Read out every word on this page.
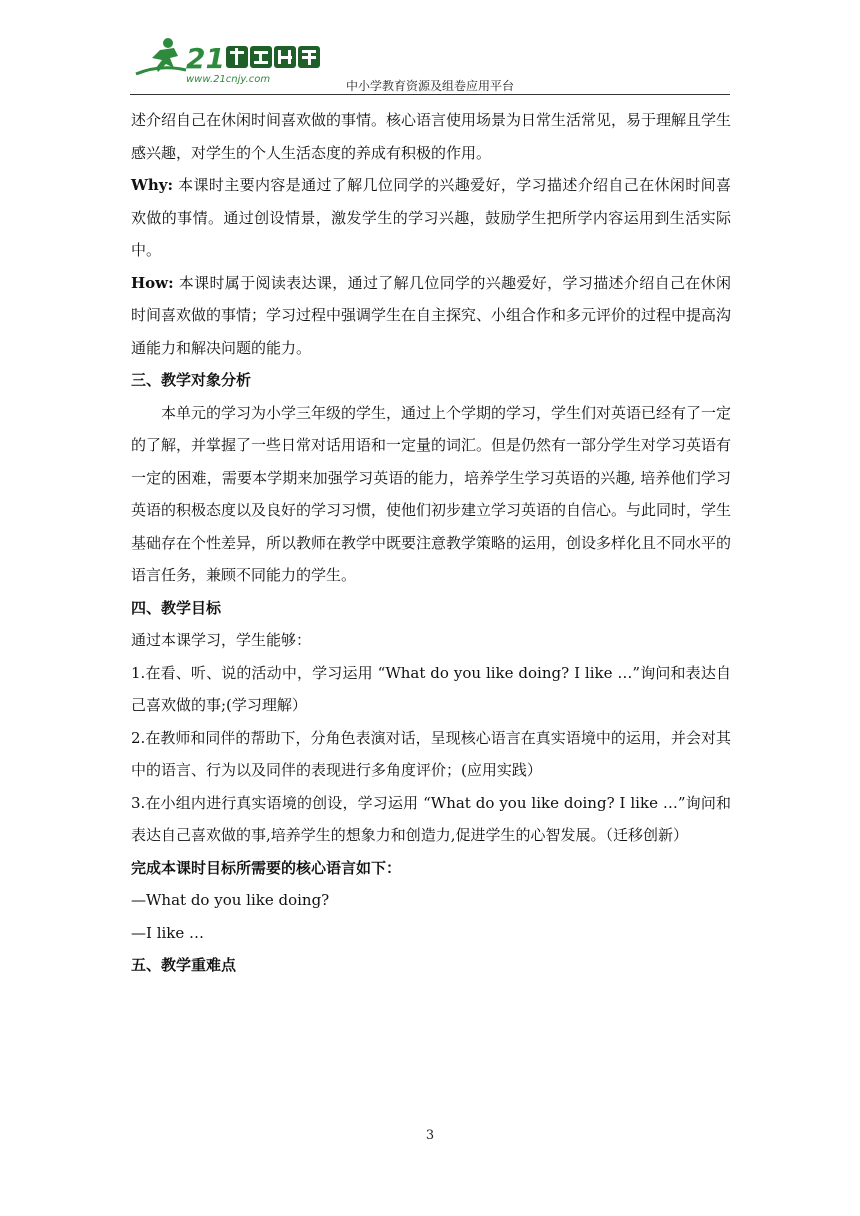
21
www.21cnjy.com	中小学教育资源及组卷应用平台

述介绍自己在休闲时间喜欢做的事情。核心语言使用场景为日常生活常见，易于理解且学生感兴趣，对学生的个人生活态度的养成有积极的作用。

Why: 本课时主要内容是通过了解几位同学的兴趣爱好，学习描述介绍自己在休闲时间喜欢做的事情。通过创设情景，激发学生的学习兴趣，鼓励学生把所学内容运用到生活实际中。

How: 本课时属于阅读表达课，通过了解几位同学的兴趣爱好，学习描述介绍自己在休闲时间喜欢做的事情；学习过程中强调学生在自主探究、小组合作和多元评价的过程中提高沟通能力和解决问题的能力。

三、教学对象分析

本单元的学习为小学三年级的学生，通过上个学期的学习，学生们对英语已经有了一定的了解，并掌握了一些日常对话用语和一定量的词汇。但是仍然有一部分学生对学习英语有一定的困难，需要本学期来加强学习英语的能力，培养学生学习英语的兴趣, 培养他们学习英语的积极态度以及良好的学习习惯，使他们初步建立学习英语的自信心。与此同时，学生基础存在个性差异，所以教师在教学中既要注意教学策略的运用，创设多样化且不同水平的语言任务，兼顾不同能力的学生。

四、教学目标

通过本课学习，学生能够：

1.在看、听、说的活动中，学习运用 “What do you like doing? I like …”询问和表达自己喜欢做的事;(学习理解）

2.在教师和同伴的帮助下，分角色表演对话，呈现核心语言在真实语境中的运用，并会对其中的语言、行为以及同伴的表现进行多角度评价；(应用实践）

3.在小组内进行真实语境的创设，学习运用 “What do you like doing? I like …”询问和表达自己喜欢做的事,培养学生的想象力和创造力,促进学生的心智发展。（迁移创新）

完成本课时目标所需要的核心语言如下：

—What do you like doing?

—I like …

五、教学重难点

3
